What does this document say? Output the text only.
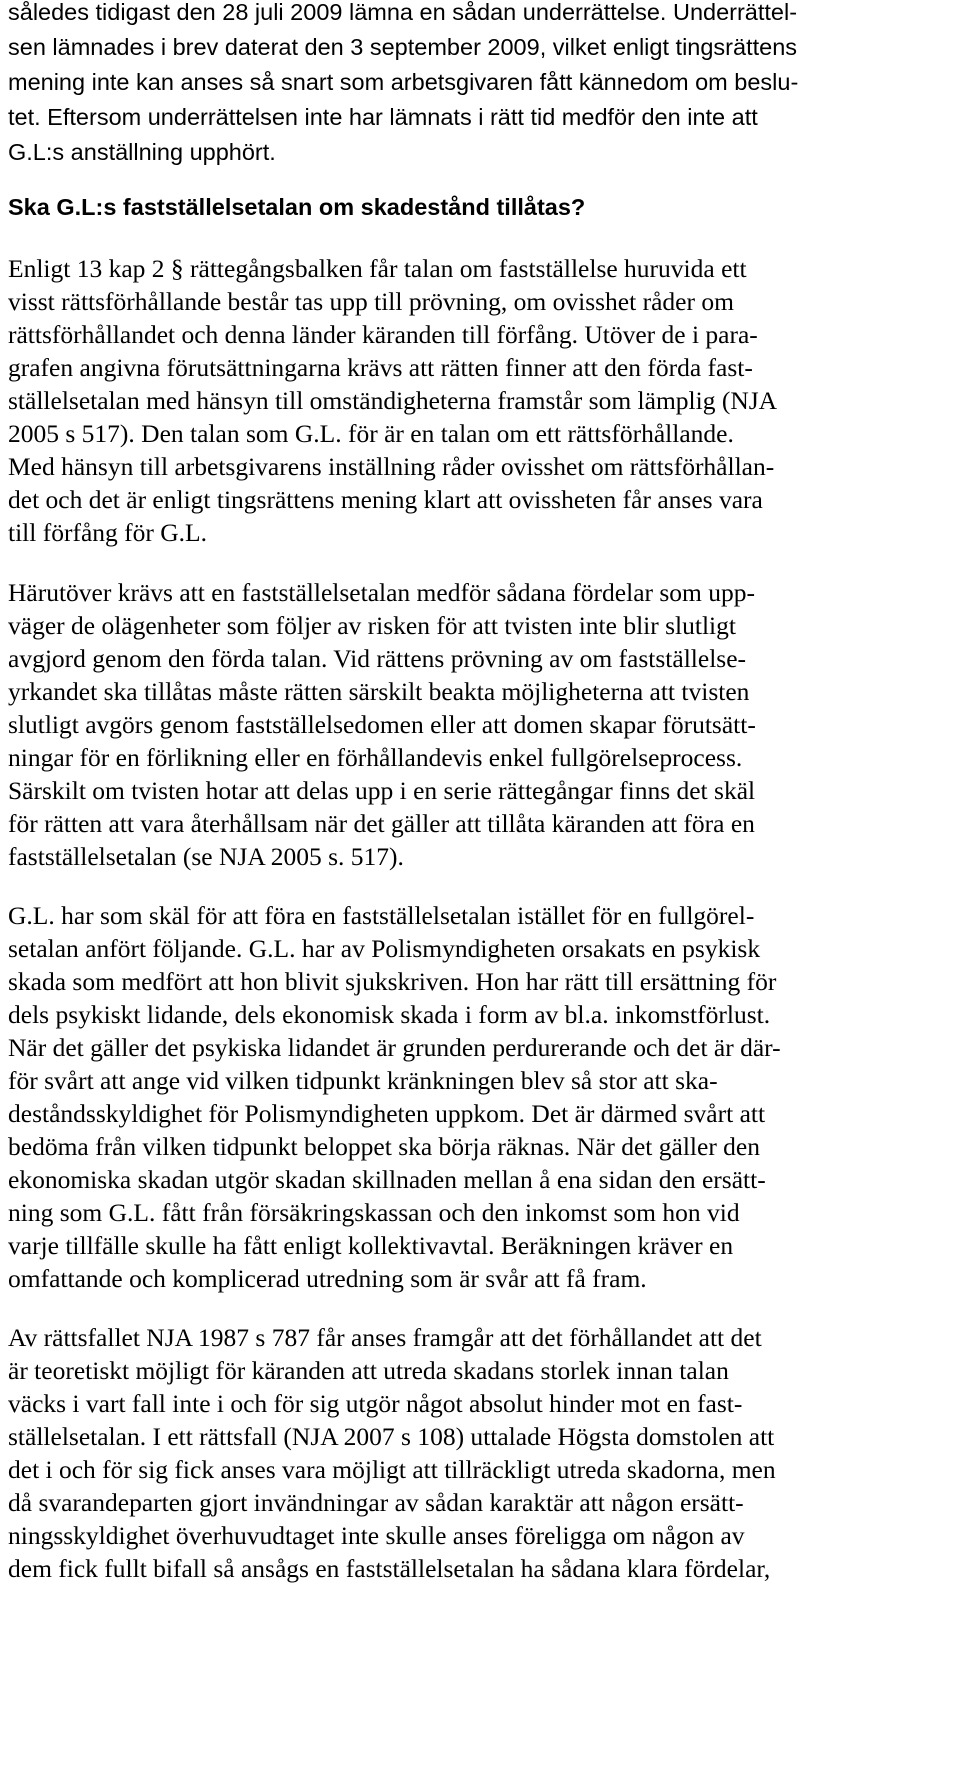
således tidigast den 28 juli 2009 lämna en sådan underrättelse. Underrättel-
sen lämnades i brev daterat den 3 september 2009, vilket enligt tingsrättens
mening inte kan anses så snart som arbetsgivaren fått kännedom om beslu-
tet. Eftersom underrättelsen inte har lämnats i rätt tid medför den inte att
G.L:s anställning upphört.
Ska G.L:s fastställelsetalan om skadestånd tillåtas?
Enligt 13 kap 2 § rättegångsbalken får talan om fastställelse huruvida ett
visst rättsförhållande består tas upp till prövning, om ovisshet råder om
rättsförhållandet och denna länder käranden till förfång. Utöver de i para-
grafen angivna förutsättningarna krävs att rätten finner att den förda fast-
ställelsetalan med hänsyn till omständigheterna framstår som lämplig (NJA
2005 s 517). Den talan som G.L. för är en talan om ett rättsförhållande.
Med hänsyn till arbetsgivarens inställning råder ovisshet om rättsförhållan-
det och det är enligt tingsrättens mening klart att ovissheten får anses vara
till förfång för G.L.
Härutöver krävs att en fastställelsetalan medför sådana fördelar som upp-
väger de olägenheter som följer av risken för att tvisten inte blir slutligt
avgjord genom den förda talan. Vid rättens prövning av om fastställelse-
yrkandet ska tillåtas måste rätten särskilt beakta möjligheterna att tvisten
slutligt avgörs genom fastställelsedomen eller att domen skapar förutsätt-
ningar för en förlikning eller en förhållandevis enkel fullgörelseprocess.
Särskilt om tvisten hotar att delas upp i en serie rättegångar finns det skäl
för rätten att vara återhållsam när det gäller att tillåta käranden att föra en
fastställelsetalan (se NJA 2005 s. 517).
G.L. har som skäl för att föra en fastställelsetalan istället för en fullgörel-
setalan anfört följande. G.L. har av Polismyndigheten orsakats en psykisk
skada som medfört att hon blivit sjukskriven. Hon har rätt till ersättning för
dels psykiskt lidande, dels ekonomisk skada i form av bl.a. inkomstförlust.
När det gäller det psykiska lidandet är grunden perdurerande och det är där-
för svårt att ange vid vilken tidpunkt kränkningen blev så stor att ska-
deståndsskyldighet för Polismyndigheten uppkom. Det är därmed svårt att
bedöma från vilken tidpunkt beloppet ska börja räknas. När det gäller den
ekonomiska skadan utgör skadan skillnaden mellan å ena sidan den ersätt-
ning som G.L. fått från försäkringskassan och den inkomst som hon vid
varje tillfälle skulle ha fått enligt kollektivavtal. Beräkningen kräver en
omfattande och komplicerad utredning som är svår att få fram.
Av rättsfallet NJA 1987 s 787 får anses framgår att det förhållandet att det
är teoretiskt möjligt för käranden att utreda skadans storlek innan talan
väcks i vart fall inte i och för sig utgör något absolut hinder mot en fast-
ställelsetalan. I ett rättsfall (NJA 2007 s 108) uttalade Högsta domstolen att
det i och för sig fick anses vara möjligt att tillräckligt utreda skadorna, men
då svarandeparten gjort invändningar av sådan karaktär att någon ersätt-
ningsskyldighet överhuvudtaget inte skulle anses föreligga om någon av
dem fick fullt bifall så ansågs en fastställelsetalan ha sådana klara fördelar,
